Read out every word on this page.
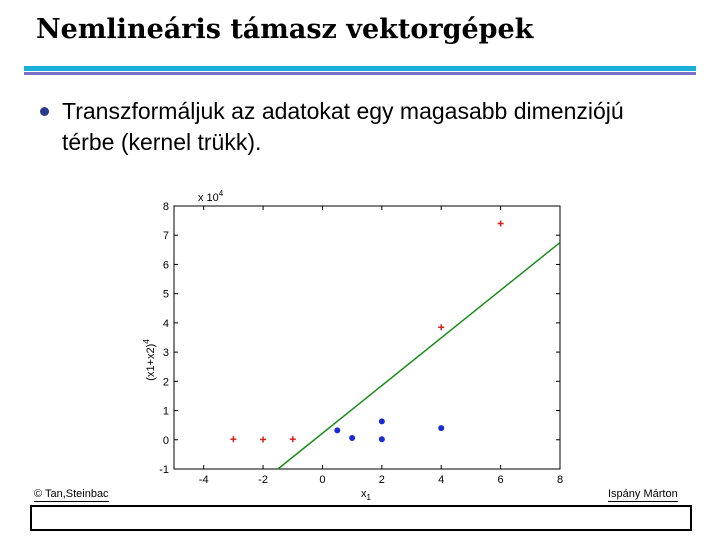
Nemlineáris támasz vektorgépek
Transzformáljuk az adatokat egy magasabb dimenziójú térbe (kernel trükk).
-1
0
1
2
3
4
5
6
7
8
-4	-2	0	2	4	6	8
x $10^4$
$(x1+x2)^4$
$x_1$
© Tan,Steinbac	Ispány Márton
